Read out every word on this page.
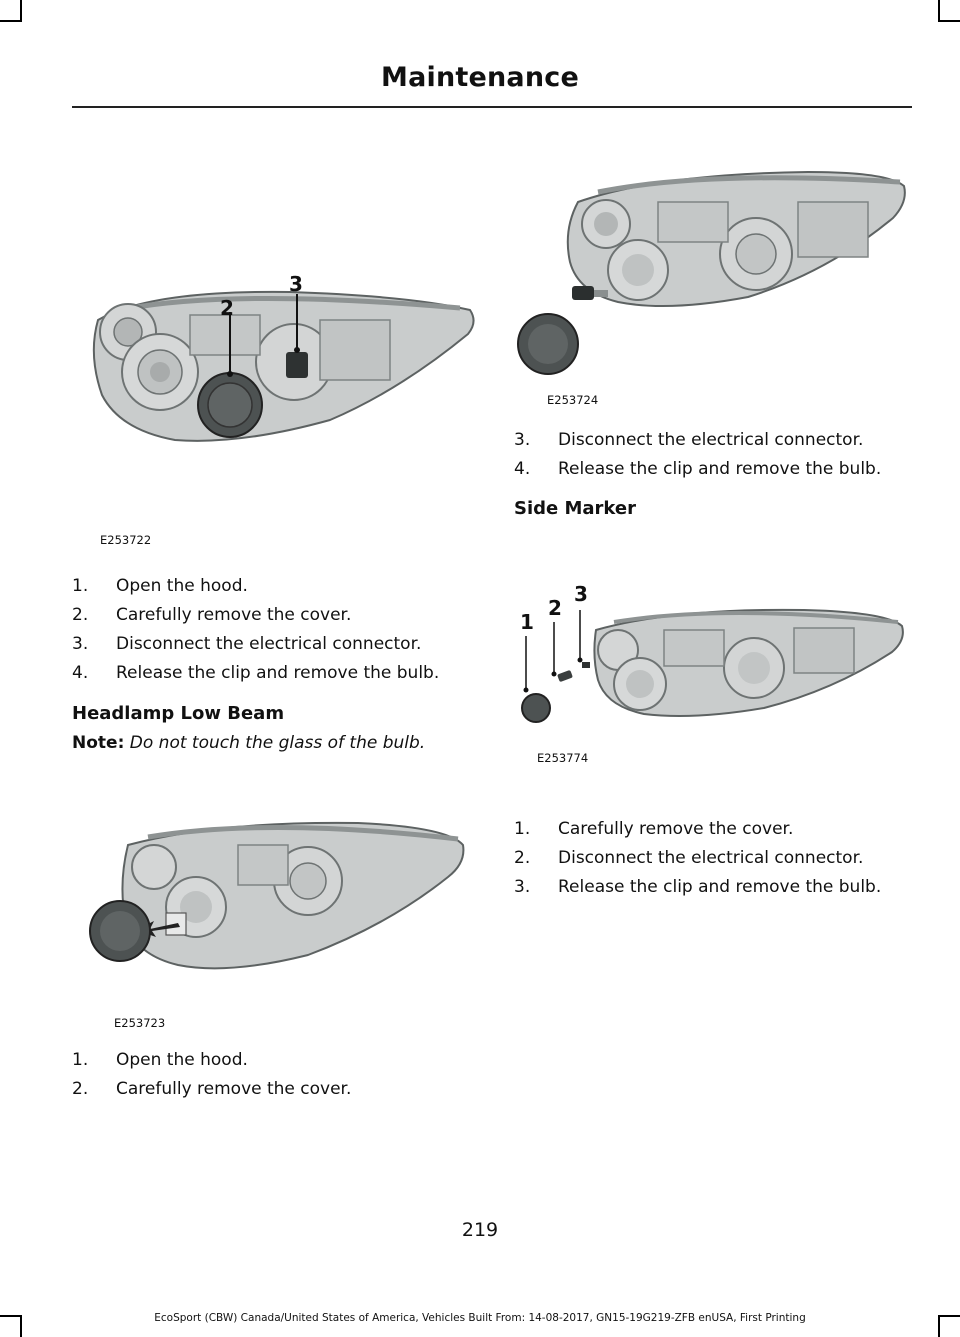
Maintenance
2
3
E253722
E253724
1. Open the hood.
2. Carefully remove the cover.
3. Disconnect the electrical connector.
4. Release the clip and remove the bulb.
Headlamp Low Beam
Note: Do not touch the glass of the bulb.
E253723
1. Open the hood.
2. Carefully remove the cover.
3. Disconnect the electrical connector.
4. Release the clip and remove the bulb.
Side Marker
1
2
3
E253774
1. Carefully remove the cover.
2. Disconnect the electrical connector.
3. Release the clip and remove the bulb.
219
EcoSport (CBW) Canada/United States of America, Vehicles Built From: 14-08-2017, GN15-19G219-ZFB enUSA, First Printing
